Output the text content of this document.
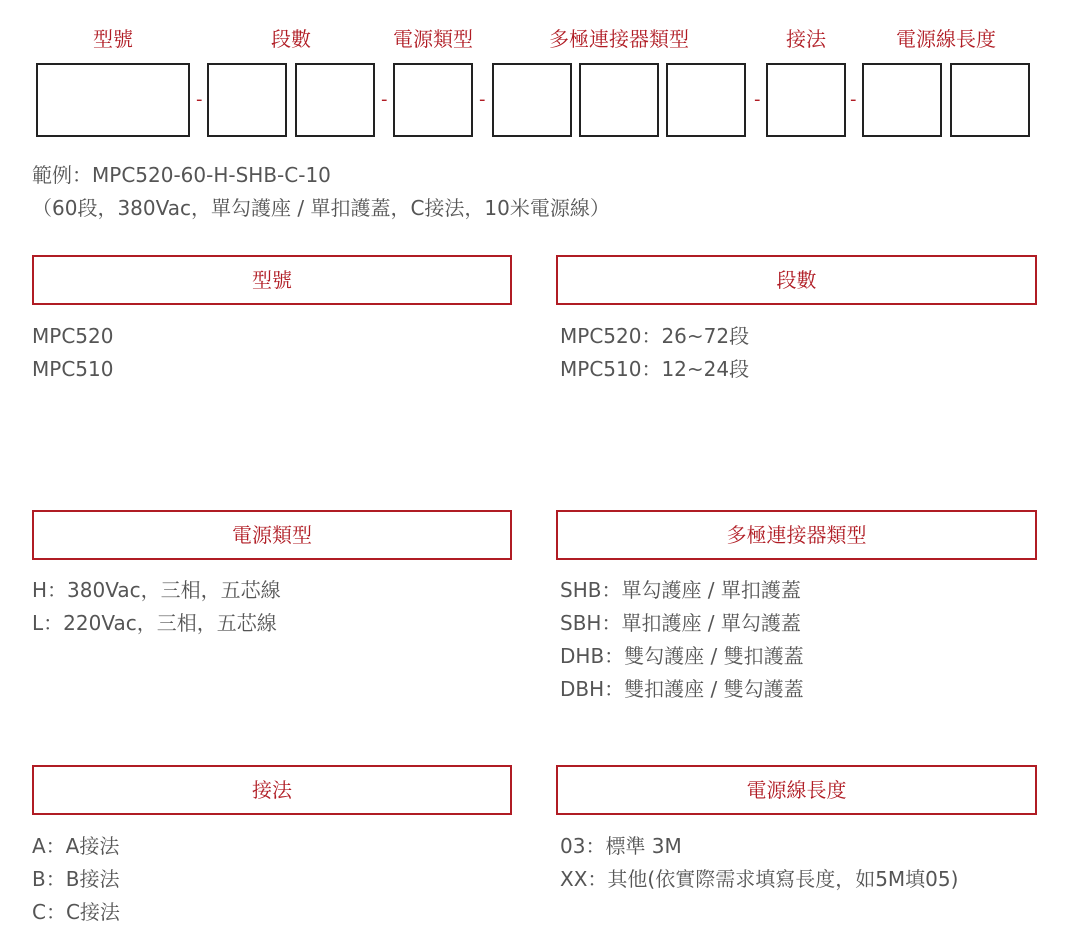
型號	段數	電源類型	多極連接器類型	接法	電源線長度
-	-	-	-	-
範例：MPC520-60-H-SHB-C-10
（60段，380Vac，單勾護座 / 單扣護蓋，C接法，10米電源線）
型號
MPC520
MPC510
段數
MPC520：26~72段
MPC510：12~24段
電源類型
H：380Vac，三相，五芯線
L：220Vac，三相，五芯線
多極連接器類型
SHB：單勾護座 / 單扣護蓋
SBH：單扣護座 / 單勾護蓋
DHB：雙勾護座 / 雙扣護蓋
DBH：雙扣護座 / 雙勾護蓋
接法
A：A接法
B：B接法
C：C接法
電源線長度
03：標準 3M
XX：其他(依實際需求填寫長度，如5M填05)
